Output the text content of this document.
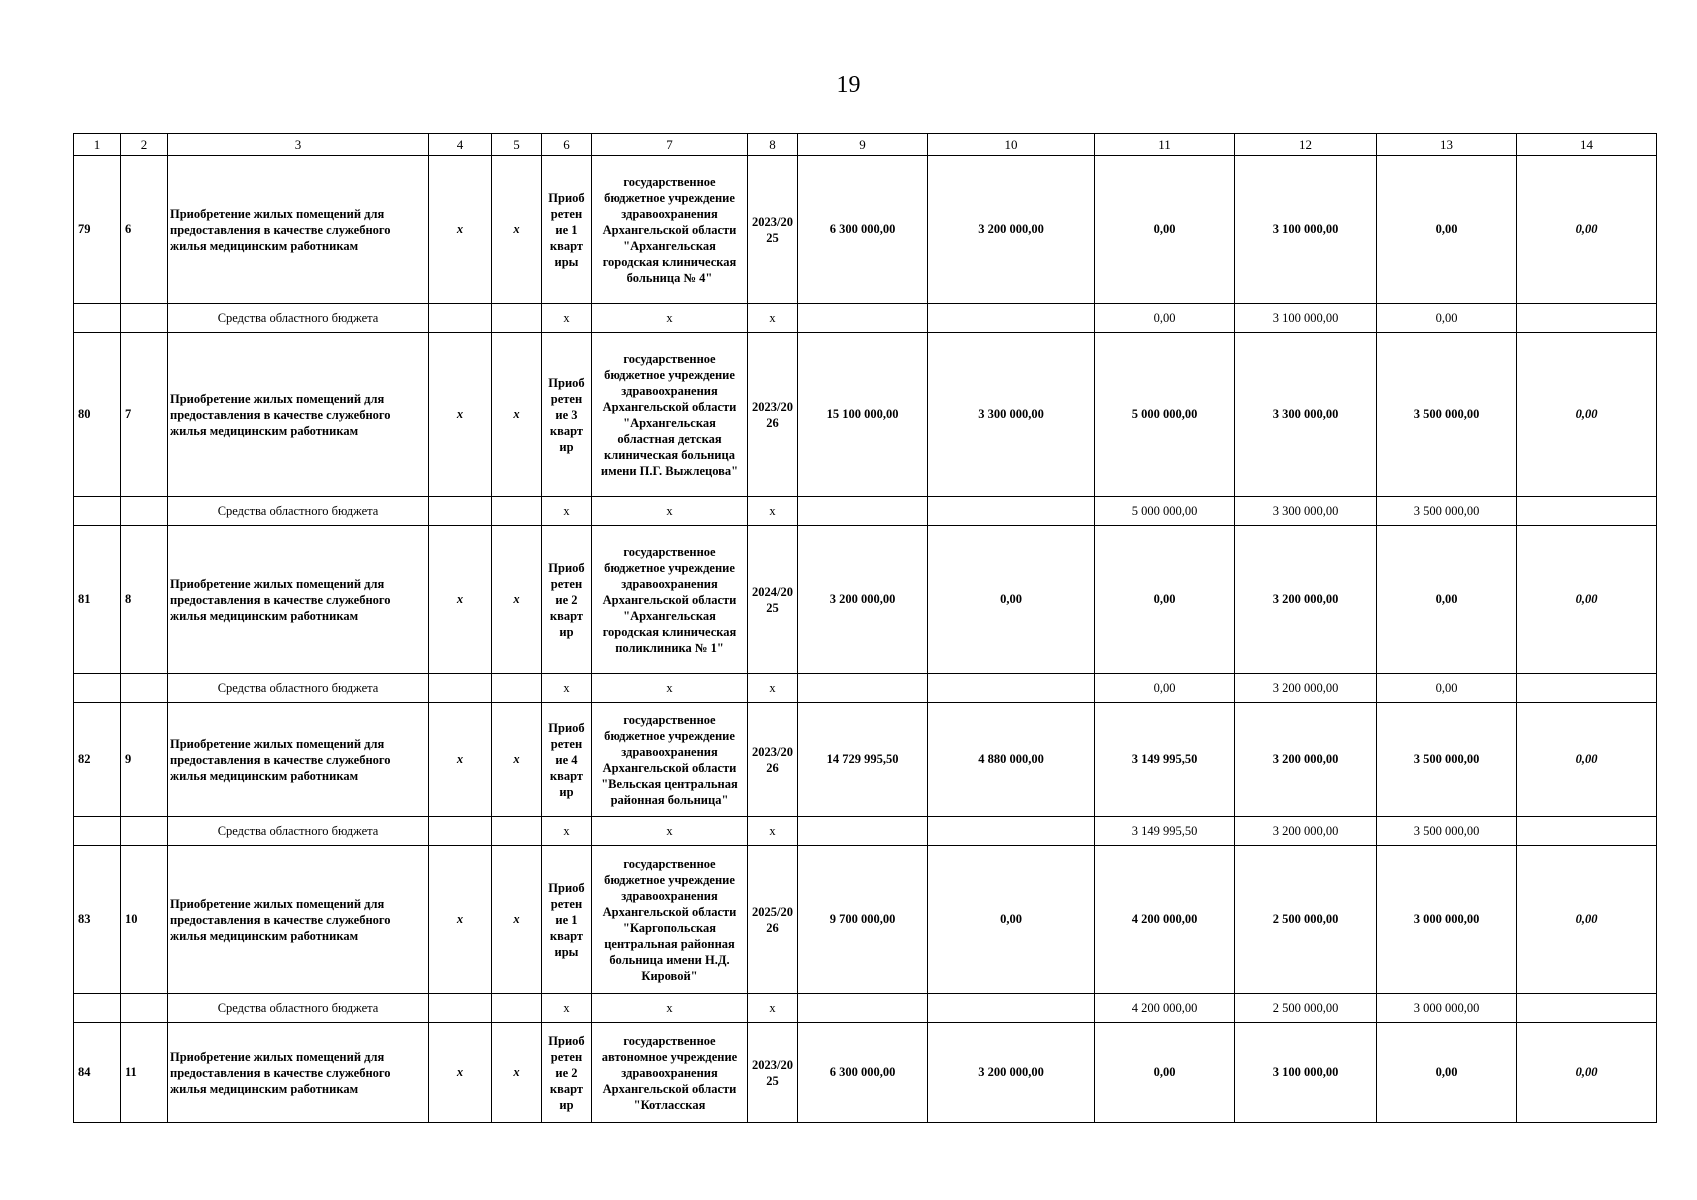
19
1	2	3	4	5	6	7	8	9	10	11	12	13	14
79	6	Приобретение жилых помещений для предоставления в качестве служебного жилья медицинским работникам	x	x	Приоб ретен ие 1 кварт иры	государственное бюджетное учреждение здравоохранения Архангельской области "Архангельская городская клиническая больница № 4"	2023/20 25	6 300 000,00	3 200 000,00	0,00	3 100 000,00	0,00	0,00
		Средства областного бюджета			x	x	x			0,00	3 100 000,00	0,00	
80	7	Приобретение жилых помещений для предоставления в качестве служебного жилья медицинским работникам	x	x	Приоб ретен ие 3 кварт ир	государственное бюджетное учреждение здравоохранения Архангельской области "Архангельская областная детская клиническая больница имени П.Г. Выжлецова"	2023/20 26	15 100 000,00	3 300 000,00	5 000 000,00	3 300 000,00	3 500 000,00	0,00
		Средства областного бюджета			x	x	x			5 000 000,00	3 300 000,00	3 500 000,00	
81	8	Приобретение жилых помещений для предоставления в качестве служебного жилья медицинским работникам	x	x	Приоб ретен ие 2 кварт ир	государственное бюджетное учреждение здравоохранения Архангельской области "Архангельская городская клиническая поликлиника № 1"	2024/20 25	3 200 000,00	0,00	0,00	3 200 000,00	0,00	0,00
		Средства областного бюджета			x	x	x			0,00	3 200 000,00	0,00	
82	9	Приобретение жилых помещений для предоставления в качестве служебного жилья медицинским работникам	x	x	Приоб ретен ие 4 кварт ир	государственное бюджетное учреждение здравоохранения Архангельской области "Вельская центральная районная больница"	2023/20 26	14 729 995,50	4 880 000,00	3 149 995,50	3 200 000,00	3 500 000,00	0,00
		Средства областного бюджета			x	x	x			3 149 995,50	3 200 000,00	3 500 000,00	
83	10	Приобретение жилых помещений для предоставления в качестве служебного жилья медицинским работникам	x	x	Приоб ретен ие 1 кварт иры	государственное бюджетное учреждение здравоохранения Архангельской области "Каргопольская центральная районная больница имени Н.Д. Кировой"	2025/20 26	9 700 000,00	0,00	4 200 000,00	2 500 000,00	3 000 000,00	0,00
		Средства областного бюджета			x	x	x			4 200 000,00	2 500 000,00	3 000 000,00	
84	11	Приобретение жилых помещений для предоставления в качестве служебного жилья медицинским работникам	x	x	Приоб ретен ие 2 кварт ир	государственное автономное учреждение здравоохранения Архангельской области "Котласская	2023/20 25	6 300 000,00	3 200 000,00	0,00	3 100 000,00	0,00	0,00
